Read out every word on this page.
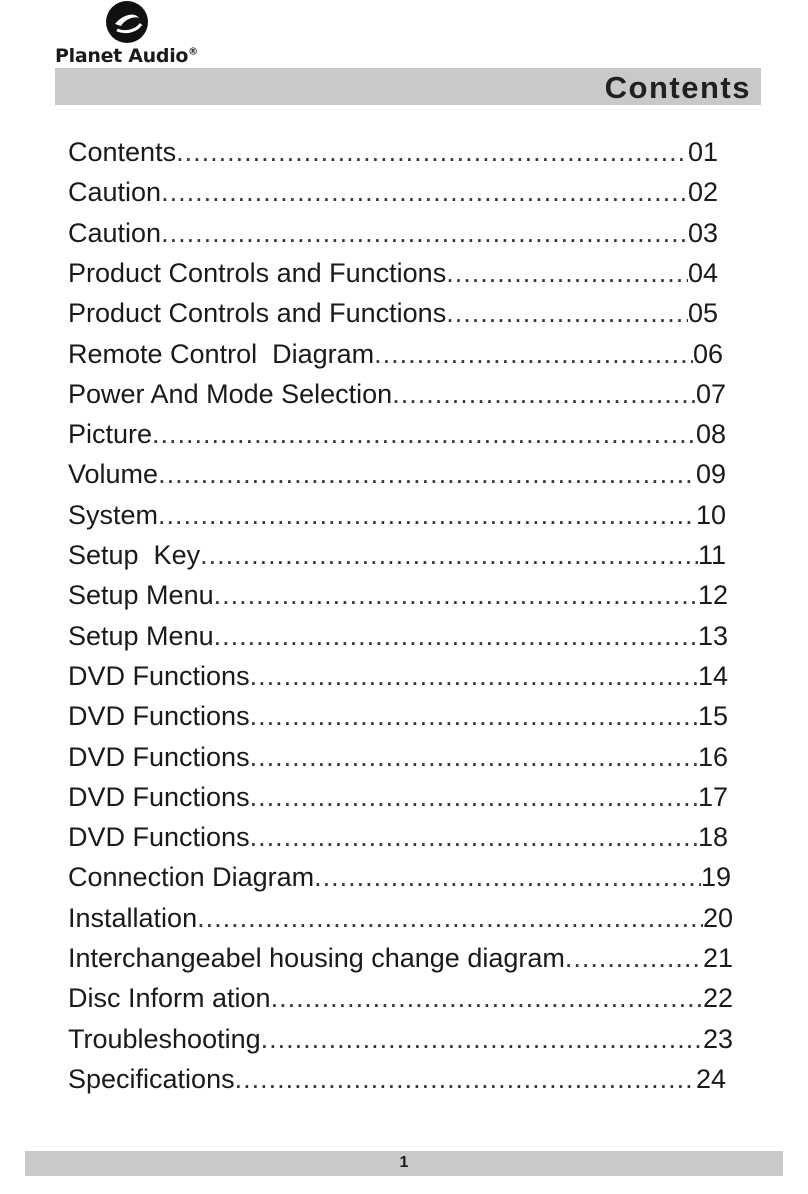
Planet Audio®
Contents
Contents .....	01
Caution .....	02
Caution .....	03
Product Controls and Functions .....	04
Product Controls and Functions .....	05
Remote Control  Diagram .....	06
Power And Mode Selection .....	07
Picture .....	08
Volume .....	09
System .....	10
Setup  Key .....	11
Setup Menu .....	12
Setup Menu .....	13
DVD Functions .....	14
DVD Functions .....	15
DVD Functions .....	16
DVD Functions .....	17
DVD Functions .....	18
Connection Diagram .....	19
Installation .....	20
Interchangeabel housing change diagram .....	21
Disc Inform ation .....	22
Troubleshooting .....	23
Specifications .....	24
1
